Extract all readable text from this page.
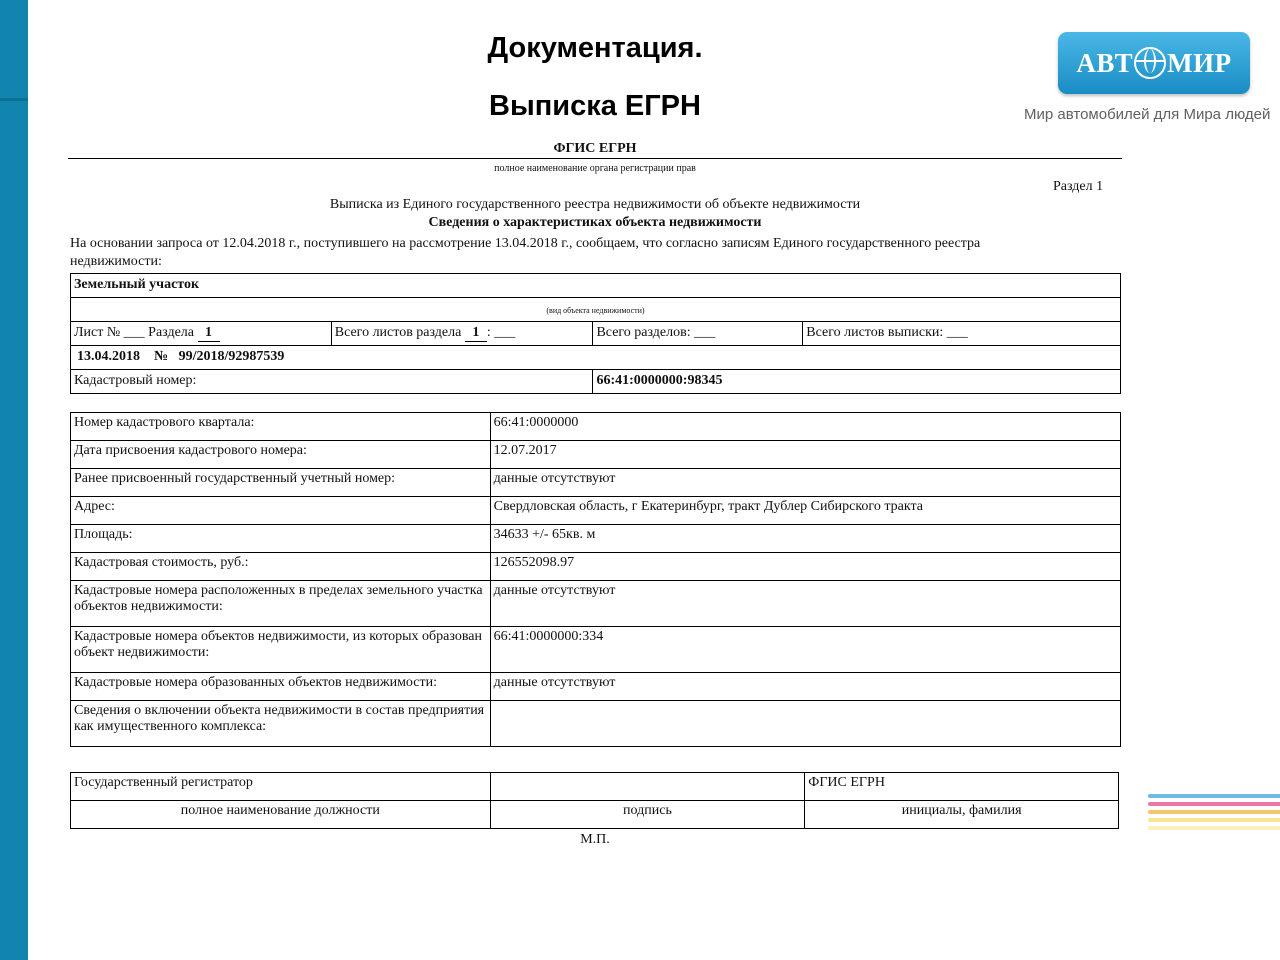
Документация.
Выписка ЕГРН
АВТ МИР
Мир автомобилей для Мира людей
ФГИС ЕГРН
полное наименование органа регистрации прав
Раздел 1
Выписка из Единого государственного реестра недвижимости об объекте недвижимости
Сведения о характеристиках объекта недвижимости
На основании запроса от 12.04.2018 г., поступившего на рассмотрение 13.04.2018 г., сообщаем, что согласно записям Единого государственного реестра
недвижимости:
Земельный участок			
(вид объекта недвижимости)			
Лист № ___ Раздела 1	Всего листов раздела 1 : ___	Всего разделов: ___	Всего листов выписки: ___
13.04.2018 № 99/2018/92987539			
Кадастровый номер:		66:41:0000000:98345	
Номер кадастрового квартала:	66:41:0000000
Дата присвоения кадастрового номера:	12.07.2017
Ранее присвоенный государственный учетный номер:	данные отсутствуют
Адрес:	Свердловская область, г Екатеринбург, тракт Дублер Сибирского тракта
Площадь:	34633 +/- 65кв. м
Кадастровая стоимость, руб.:	126552098.97
Кадастровые номера расположенных в пределах земельного участка объектов недвижимости:	данные отсутствуют
Кадастровые номера объектов недвижимости, из которых образован объект недвижимости:	66:41:0000000:334
Кадастровые номера образованных объектов недвижимости:	данные отсутствуют
Сведения о включении объекта недвижимости в состав предприятия как имущественного комплекса:	
Государственный регистратор		ФГИС ЕГРН
полное наименование должности	подпись	инициалы, фамилия
М.П.
